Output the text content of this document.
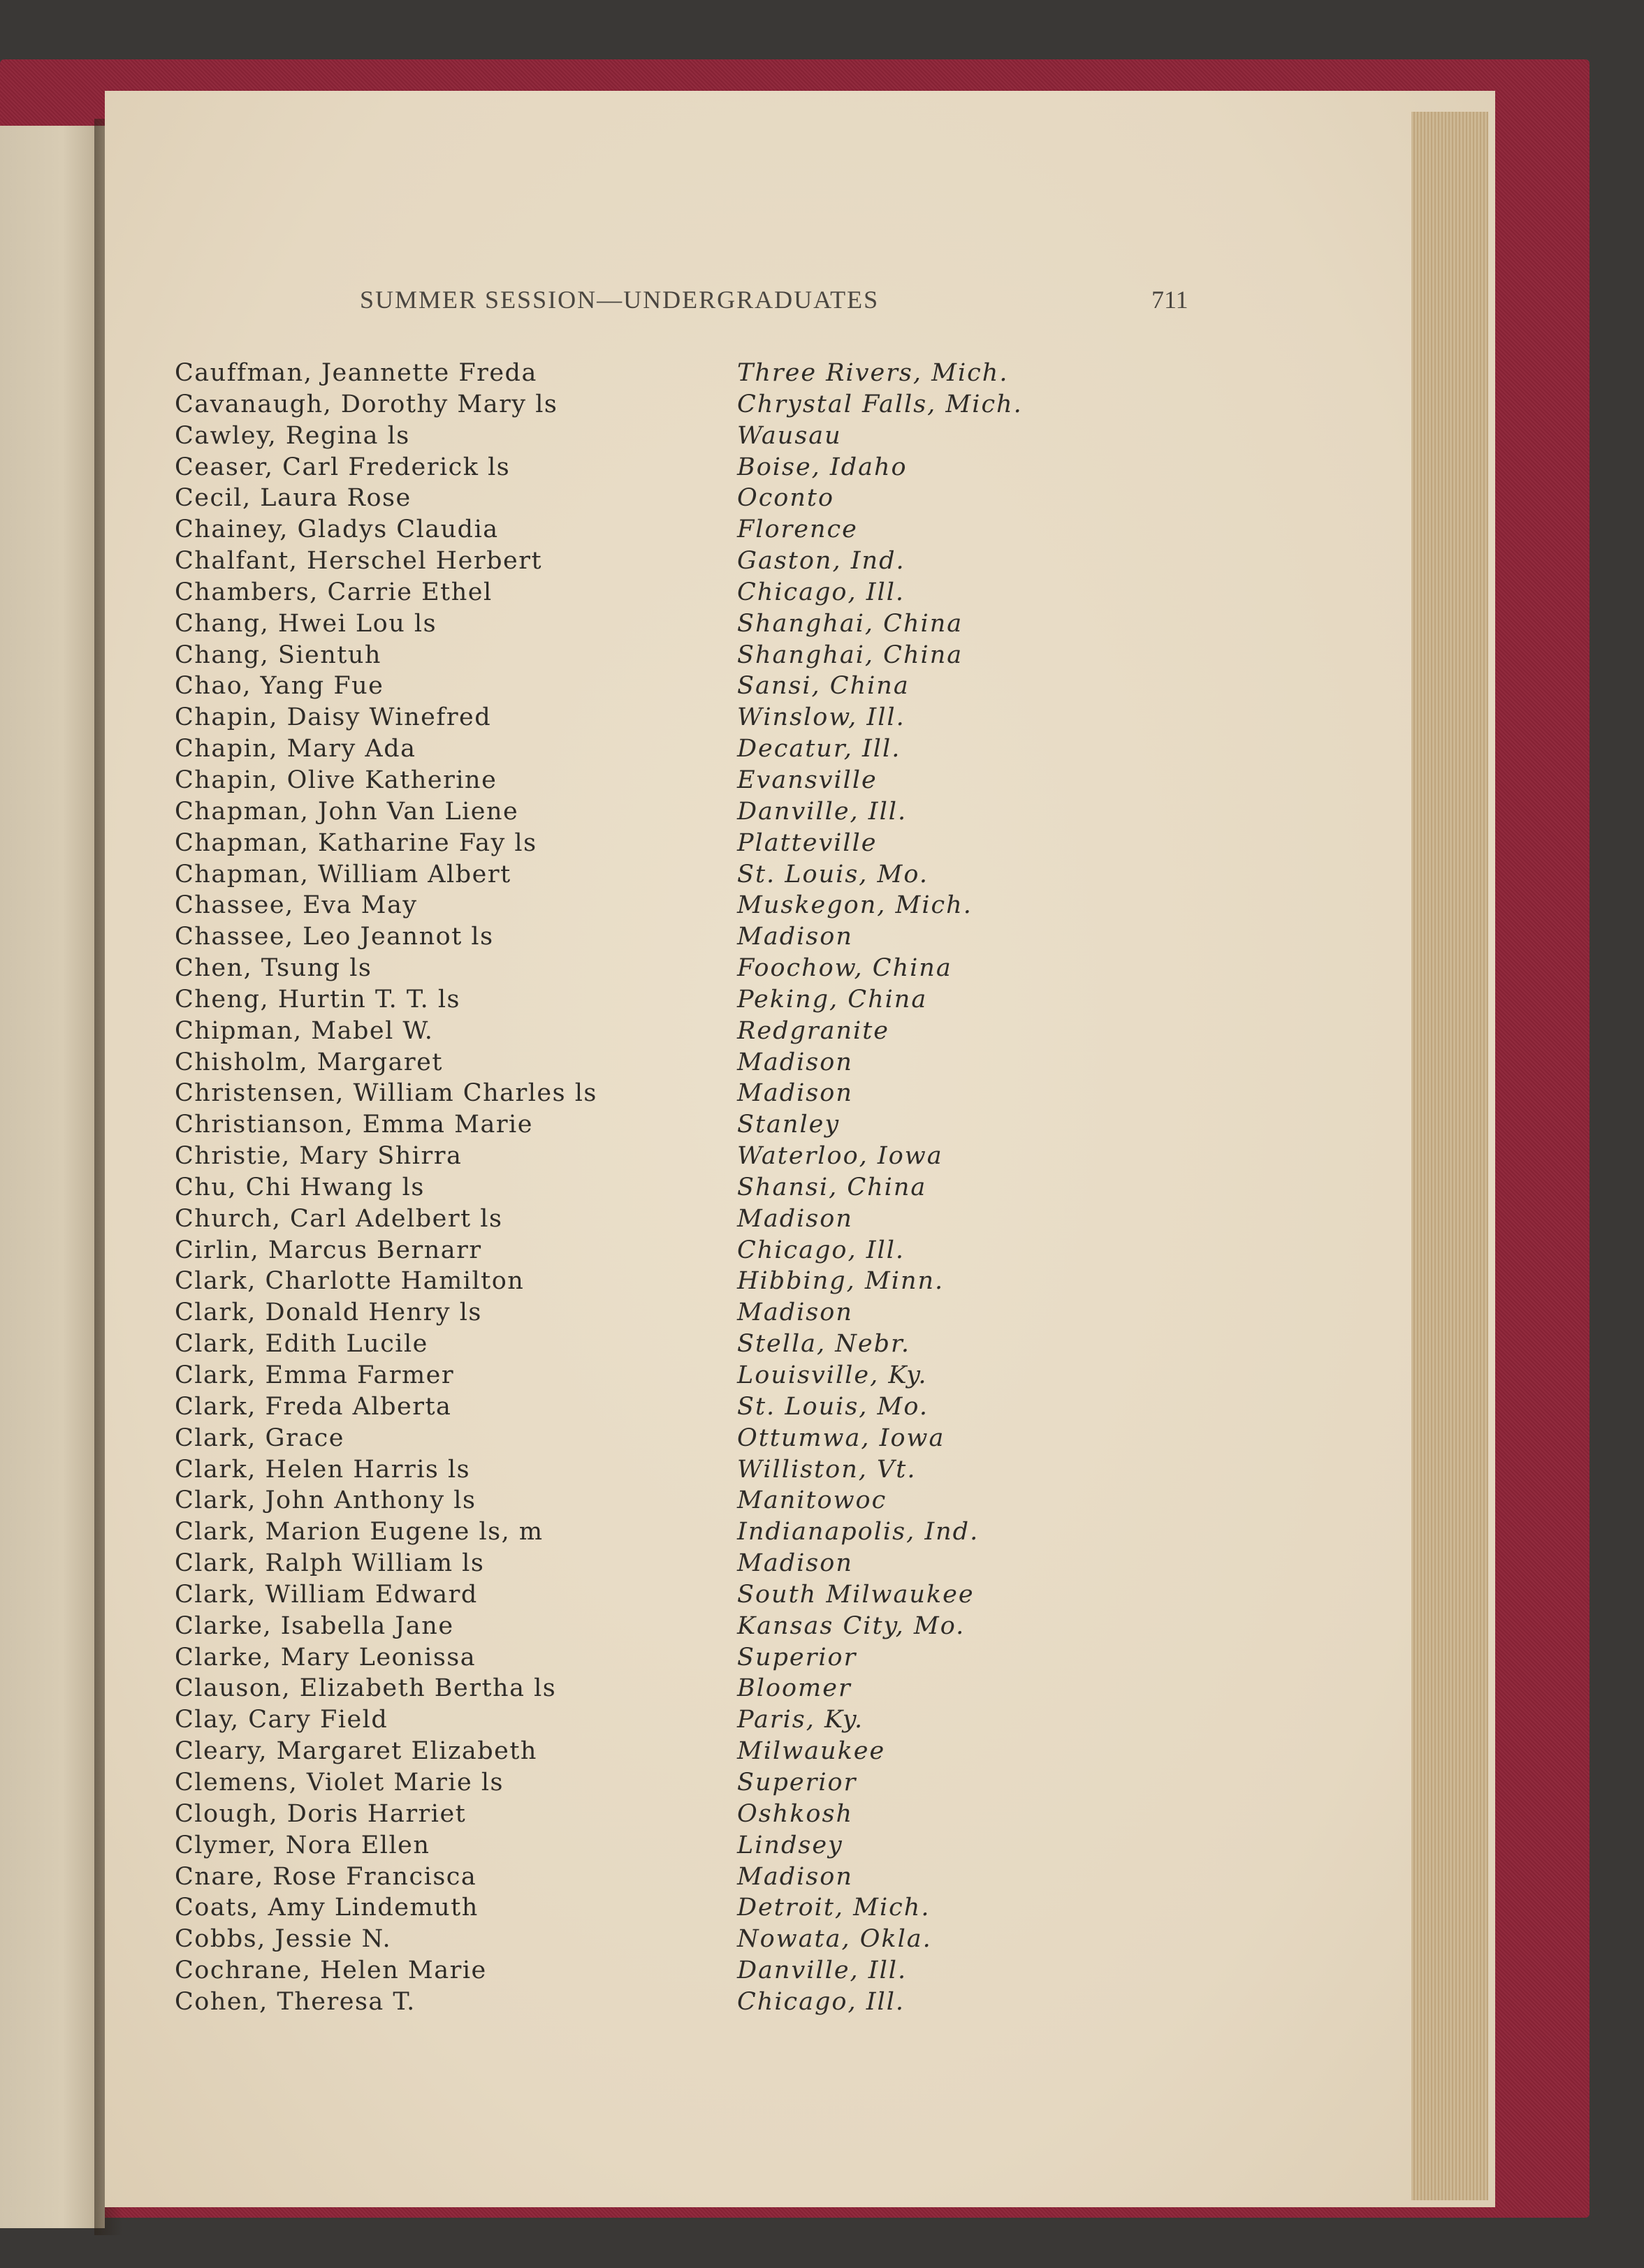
SUMMER SESSION—UNDERGRADUATES	711
Cauffman, Jeannette Freda	Three Rivers, Mich.
Cavanaugh, Dorothy Mary ls	Chrystal Falls, Mich.
Cawley, Regina ls	Wausau
Ceaser, Carl Frederick ls	Boise, Idaho
Cecil, Laura Rose	Oconto
Chainey, Gladys Claudia	Florence
Chalfant, Herschel Herbert	Gaston, Ind.
Chambers, Carrie Ethel	Chicago, Ill.
Chang, Hwei Lou ls	Shanghai, China
Chang, Sientuh	Shanghai, China
Chao, Yang Fue	Sansi, China
Chapin, Daisy Winefred	Winslow, Ill.
Chapin, Mary Ada	Decatur, Ill.
Chapin, Olive Katherine	Evansville
Chapman, John Van Liene	Danville, Ill.
Chapman, Katharine Fay ls	Platteville
Chapman, William Albert	St. Louis, Mo.
Chassee, Eva May	Muskegon, Mich.
Chassee, Leo Jeannot ls	Madison
Chen, Tsung ls	Foochow, China
Cheng, Hurtin T. T. ls	Peking, China
Chipman, Mabel W.	Redgranite
Chisholm, Margaret	Madison
Christensen, William Charles ls	Madison
Christianson, Emma Marie	Stanley
Christie, Mary Shirra	Waterloo, Iowa
Chu, Chi Hwang ls	Shansi, China
Church, Carl Adelbert ls	Madison
Cirlin, Marcus Bernarr	Chicago, Ill.
Clark, Charlotte Hamilton	Hibbing, Minn.
Clark, Donald Henry ls	Madison
Clark, Edith Lucile	Stella, Nebr.
Clark, Emma Farmer	Louisville, Ky.
Clark, Freda Alberta	St. Louis, Mo.
Clark, Grace	Ottumwa, Iowa
Clark, Helen Harris ls	Williston, Vt.
Clark, John Anthony ls	Manitowoc
Clark, Marion Eugene ls, m	Indianapolis, Ind.
Clark, Ralph William ls	Madison
Clark, William Edward	South Milwaukee
Clarke, Isabella Jane	Kansas City, Mo.
Clarke, Mary Leonissa	Superior
Clauson, Elizabeth Bertha ls	Bloomer
Clay, Cary Field	Paris, Ky.
Cleary, Margaret Elizabeth	Milwaukee
Clemens, Violet Marie ls	Superior
Clough, Doris Harriet	Oshkosh
Clymer, Nora Ellen	Lindsey
Cnare, Rose Francisca	Madison
Coats, Amy Lindemuth	Detroit, Mich.
Cobbs, Jessie N.	Nowata, Okla.
Cochrane, Helen Marie	Danville, Ill.
Cohen, Theresa T.	Chicago, Ill.
